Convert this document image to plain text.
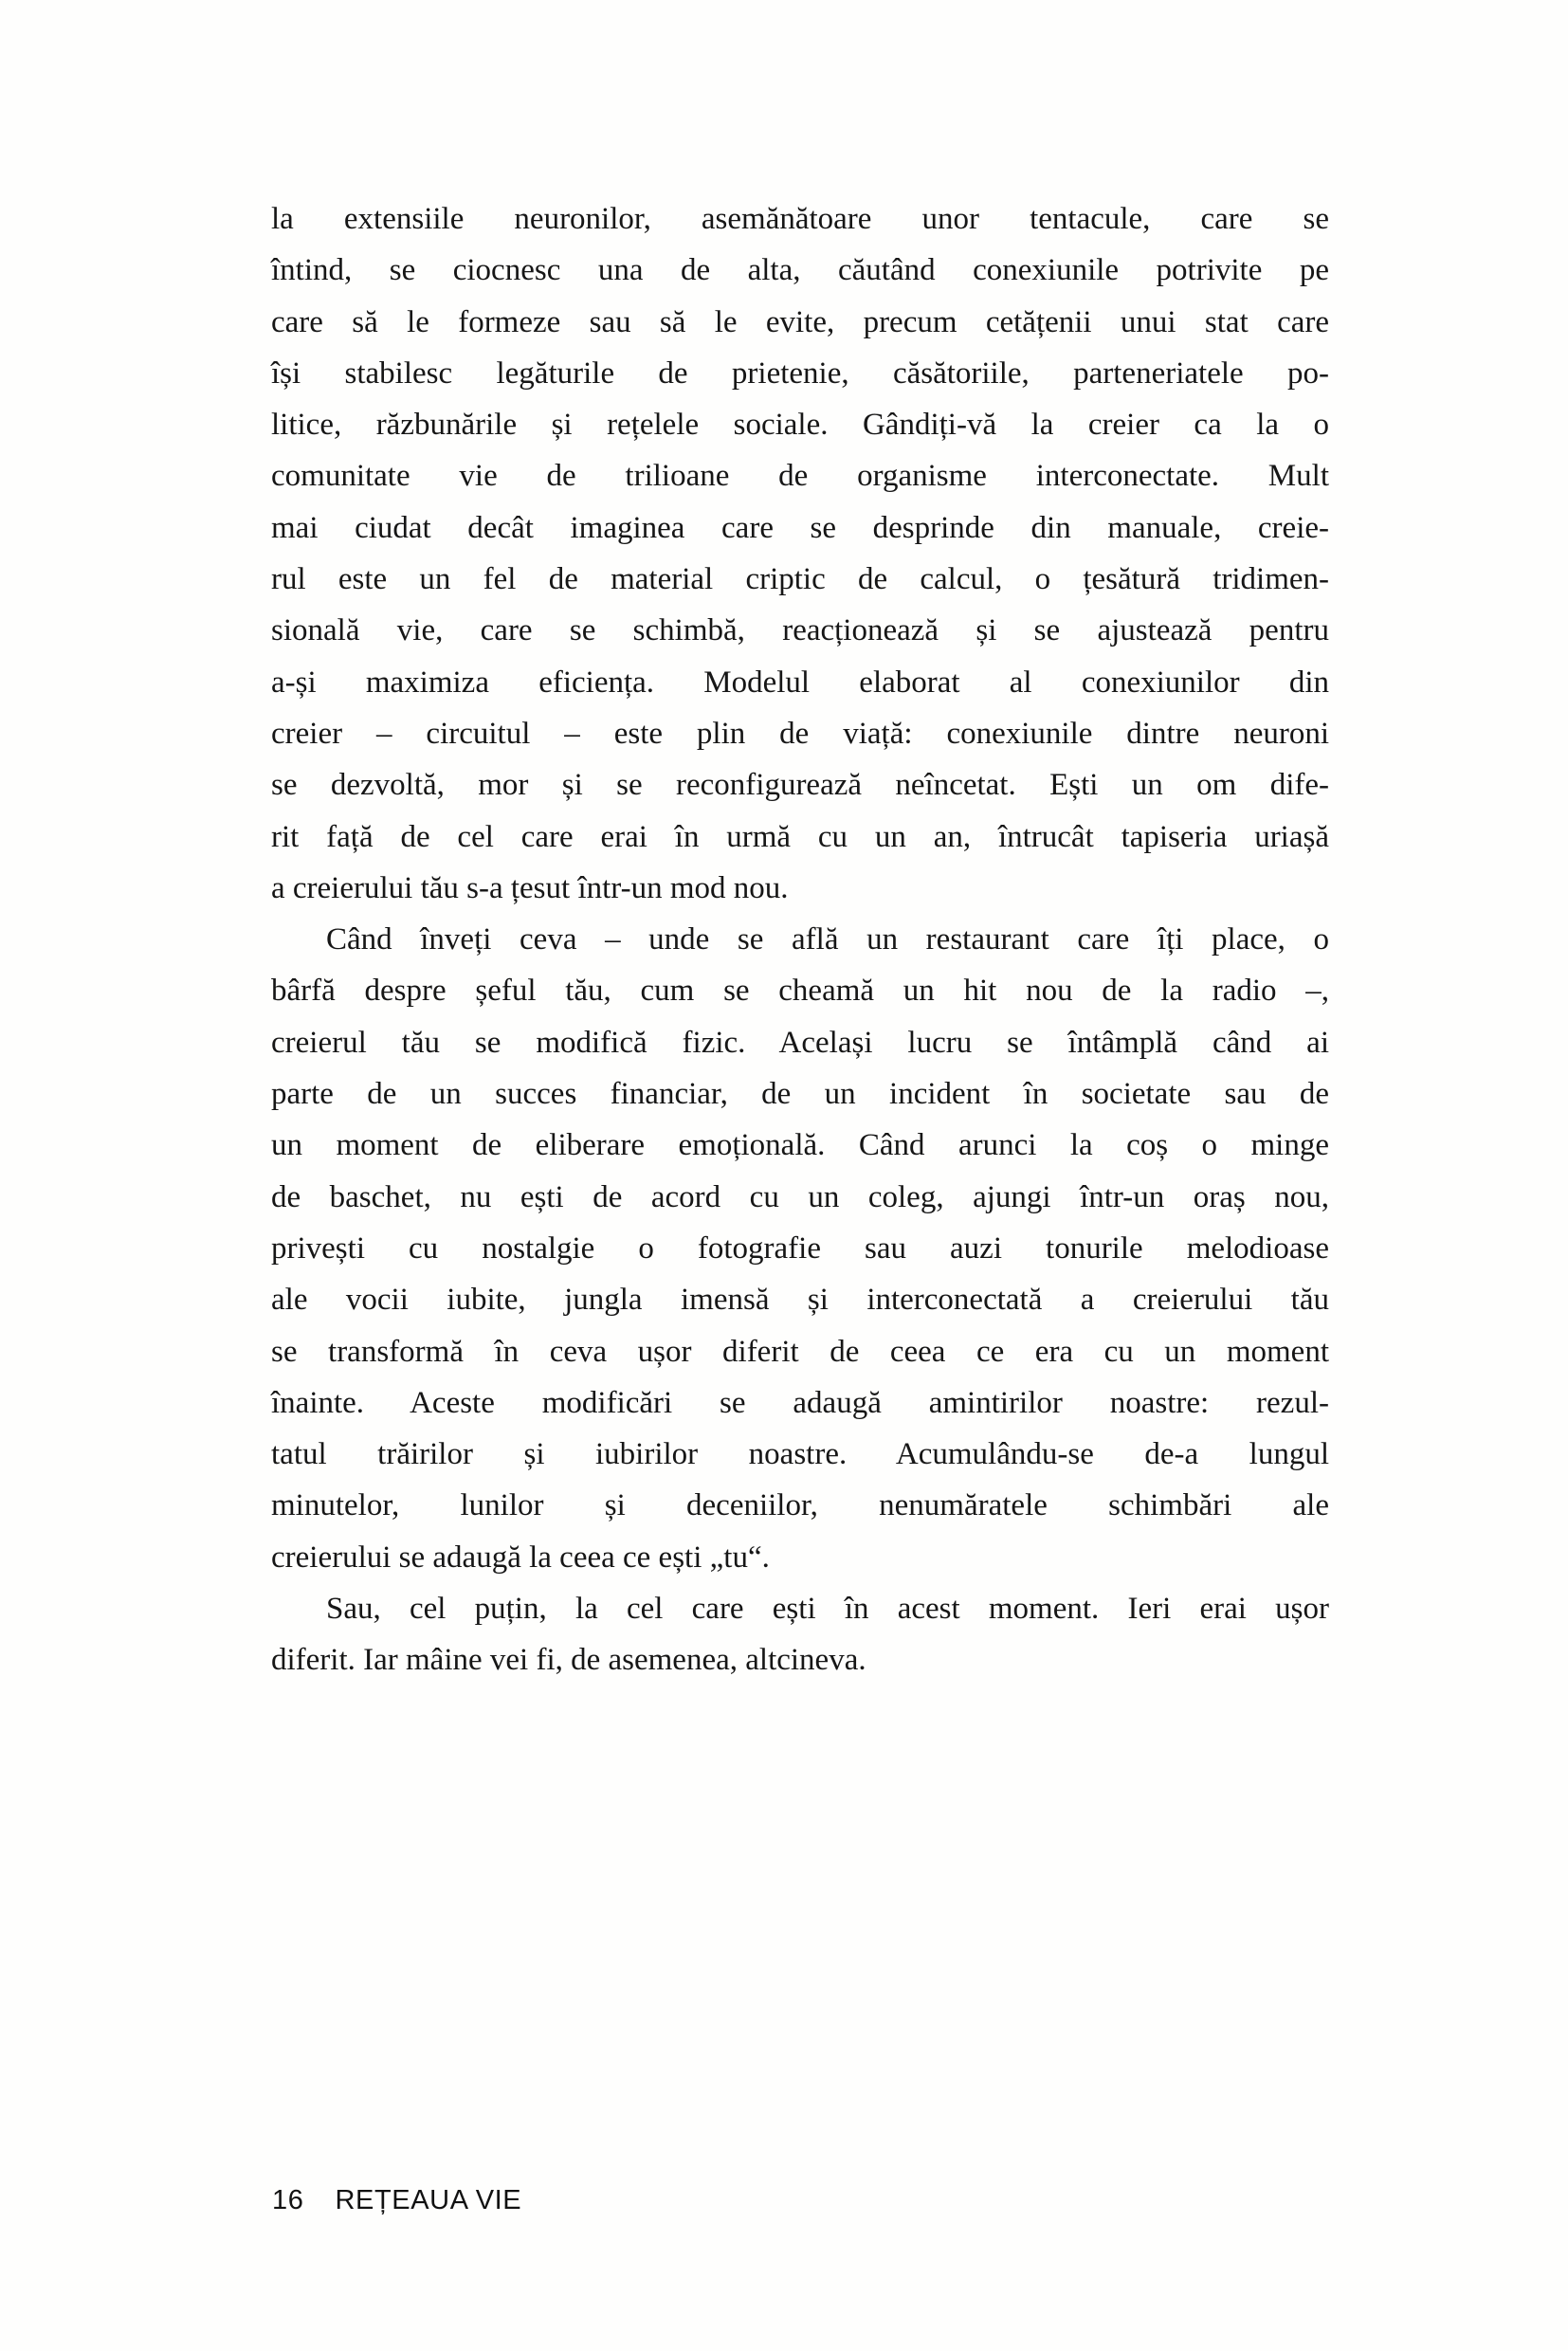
la extensiile neuronilor, asemănătoare unor tentacule, care se
întind, se ciocnesc una de alta, căutând conexiunile potrivite pe
care să le formeze sau să le evite, precum cetățenii unui stat care
își stabilesc legăturile de prietenie, căsătoriile, parteneriatele po-
litice, răzbunările și rețelele sociale. Gândiți-vă la creier ca la o
comunitate vie de trilioane de organisme interconectate. Mult
mai ciudat decât imaginea care se desprinde din manuale, creie-
rul este un fel de material criptic de calcul, o țesătură tridimen-
sională vie, care se schimbă, reacționează și se ajustează pentru
a-și maximiza eficiența. Modelul elaborat al conexiunilor din
creier – circuitul – este plin de viață: conexiunile dintre neuroni
se dezvoltă, mor și se reconfigurează neîncetat. Ești un om dife-
rit față de cel care erai în urmă cu un an, întrucât tapiseria uriașă
a creierului tău s-a țesut într-un mod nou.
Când înveți ceva – unde se află un restaurant care îți place, o
bârfă despre șeful tău, cum se cheamă un hit nou de la radio –,
creierul tău se modifică fizic. Același lucru se întâmplă când ai
parte de un succes financiar, de un incident în societate sau de
un moment de eliberare emoțională. Când arunci la coș o minge
de baschet, nu ești de acord cu un coleg, ajungi într-un oraș nou,
privești cu nostalgie o fotografie sau auzi tonurile melodioase
ale vocii iubite, jungla imensă și interconectată a creierului tău
se transformă în ceva ușor diferit de ceea ce era cu un moment
înainte. Aceste modificări se adaugă amintirilor noastre: rezul-
tatul trăirilor și iubirilor noastre. Acumulându-se de-a lungul
minutelor, lunilor și deceniilor, nenumăratele schimbări ale
creierului se adaugă la ceea ce ești „tu“.
Sau, cel puțin, la cel care ești în acest moment. Ieri erai ușor
diferit. Iar mâine vei fi, de asemenea, altcineva.
16 REȚEAUA VIE
